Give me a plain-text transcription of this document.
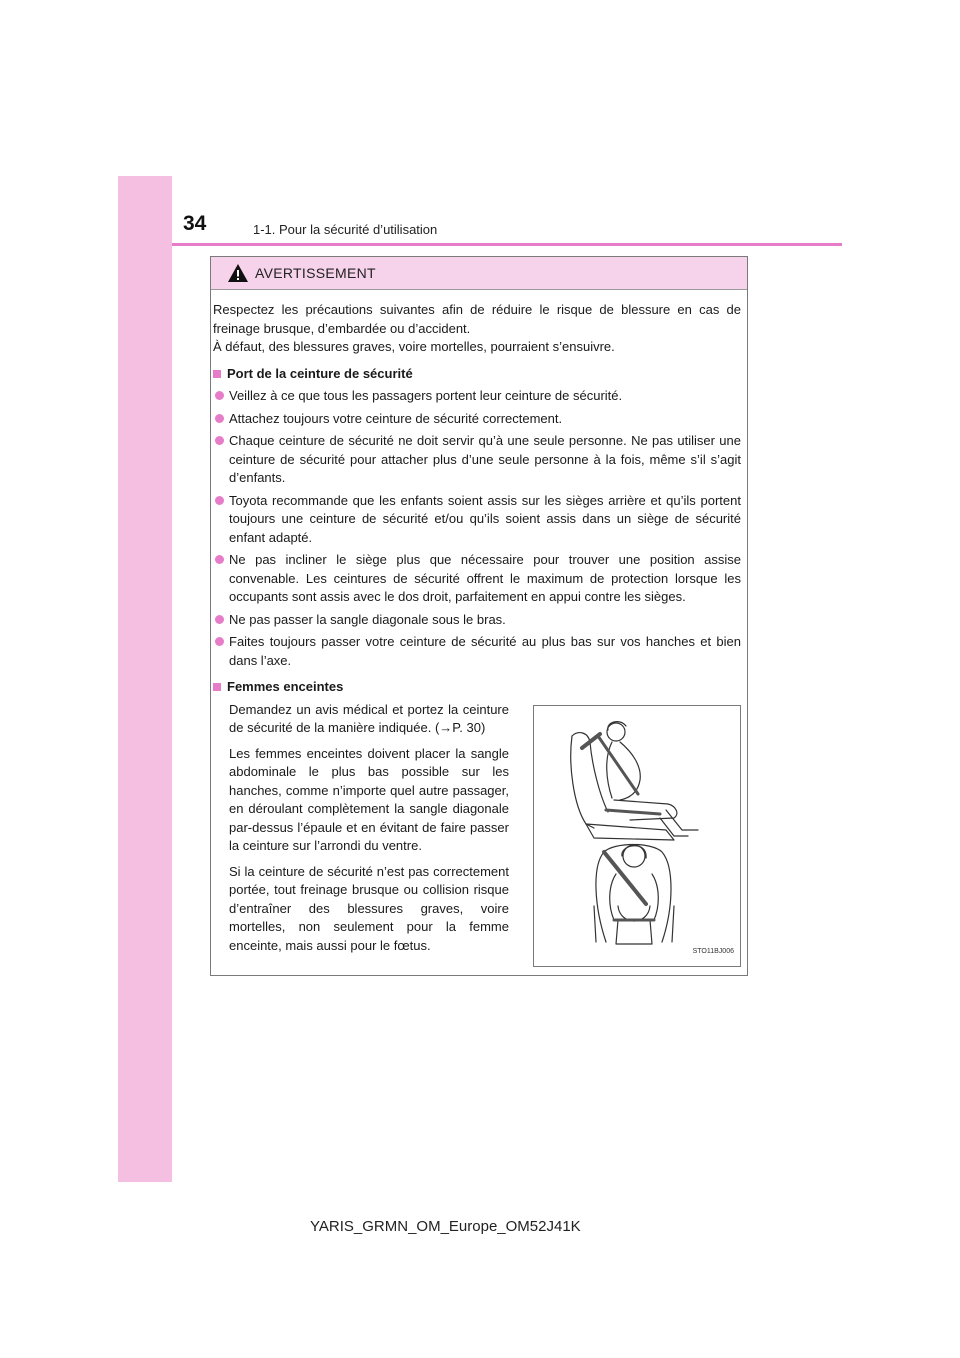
34	1-1. Pour la sécurité d’utilisation
AVERTISSEMENT

Respectez les précautions suivantes afin de réduire le risque de blessure en cas de freinage brusque, d’embardée ou d’accident.

À défaut, des blessures graves, voire mortelles, pourraient s’ensuivre.

Port de la ceinture de sécurité
Veillez à ce que tous les passagers portent leur ceinture de sécurité.
Attachez toujours votre ceinture de sécurité correctement.
Chaque ceinture de sécurité ne doit servir qu’à une seule personne. Ne pas utiliser une ceinture de sécurité pour attacher plus d’une seule personne à la fois, même s’il s’agit d’enfants.
Toyota recommande que les enfants soient assis sur les sièges arrière et qu’ils portent toujours une ceinture de sécurité et/ou qu’ils soient assis dans un siège de sécurité enfant adapté.
Ne pas incliner le siège plus que nécessaire pour trouver une position assise convenable. Les ceintures de sécurité offrent le maximum de protection lorsque les occupants sont assis avec le dos droit, parfaitement en appui contre les sièges.
Ne pas passer la sangle diagonale sous le bras.
Faites toujours passer votre ceinture de sécurité au plus bas sur vos hanches et bien dans l’axe.
Femmes enceintes

Demandez un avis médical et portez la ceinture de sécurité de la manière indiquée. (→P. 30)

Les femmes enceintes doivent placer la sangle abdominale le plus bas possible sur les hanches, comme n’importe quel autre passager, en déroulant complètement la sangle diagonale par-dessus l’épaule et en évitant de faire passer la ceinture sur l’arrondi du ventre.

Si la ceinture de sécurité n’est pas correctement portée, tout freinage brusque ou collision risque d’entraîner des blessures graves, voire mortelles, non seulement pour la femme enceinte, mais aussi pour le fœtus.	STO11BJ006
YARIS_GRMN_OM_Europe_OM52J41K
